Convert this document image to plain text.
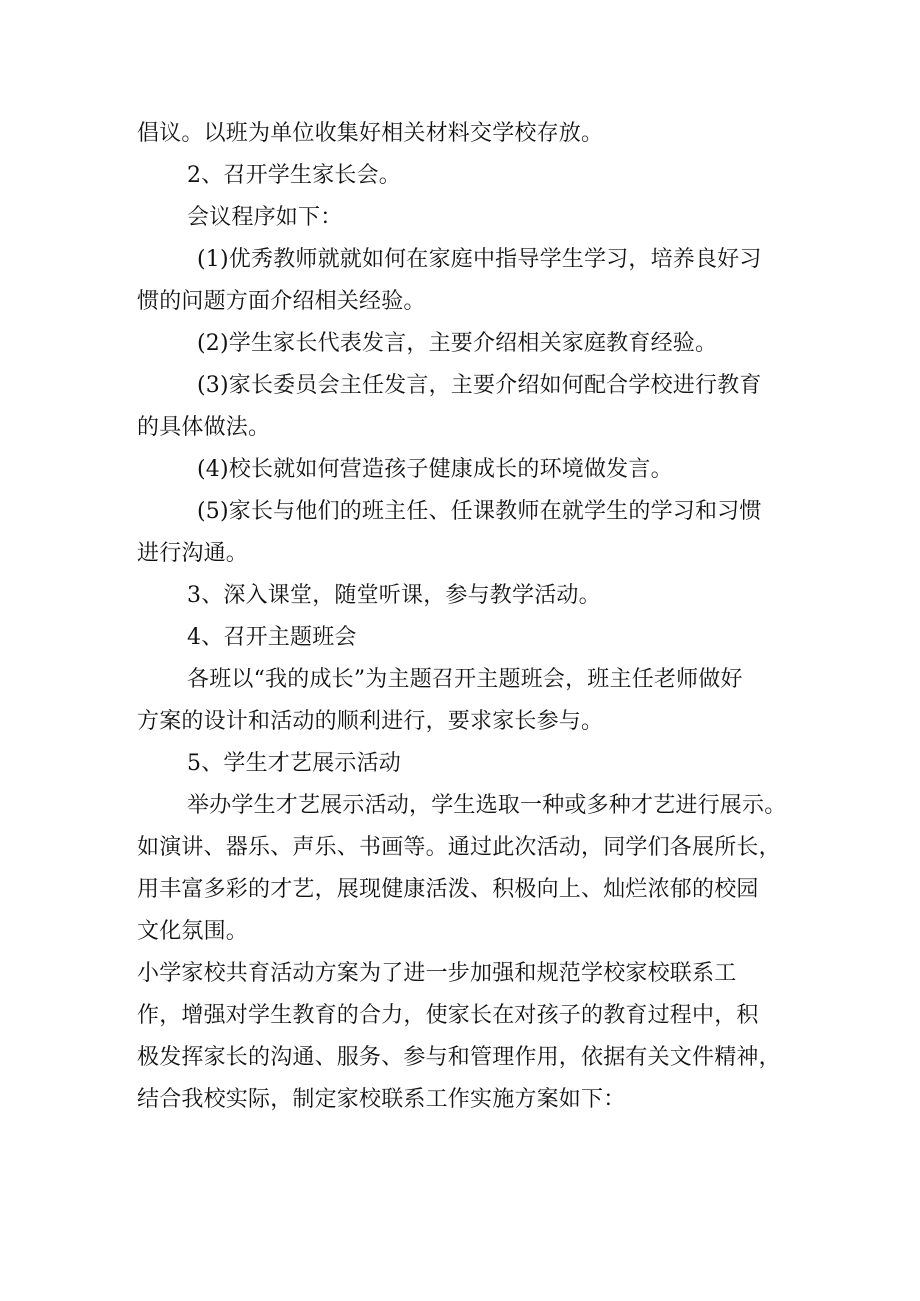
倡议。以班为单位收集好相关材料交学校存放。
2、召开学生家长会。
会议程序如下：
(1)优秀教师就就如何在家庭中指导学生学习，培养良好习
惯的问题方面介绍相关经验。
(2)学生家长代表发言，主要介绍相关家庭教育经验。
(3)家长委员会主任发言，主要介绍如何配合学校进行教育
的具体做法。
(4)校长就如何营造孩子健康成长的环境做发言。
(5)家长与他们的班主任、任课教师在就学生的学习和习惯
进行沟通。
3、深入课堂，随堂听课，参与教学活动。
4、召开主题班会
各班以“我的成长”为主题召开主题班会，班主任老师做好
方案的设计和活动的顺利进行，要求家长参与。
5、学生才艺展示活动
举办学生才艺展示活动，学生选取一种或多种才艺进行展示。
如演讲、器乐、声乐、书画等。通过此次活动，同学们各展所长，
用丰富多彩的才艺，展现健康活泼、积极向上、灿烂浓郁的校园
文化氛围。
小学家校共育活动方案为了进一步加强和规范学校家校联系工
作，增强对学生教育的合力，使家长在对孩子的教育过程中，积
极发挥家长的沟通、服务、参与和管理作用，依据有关文件精神，
结合我校实际，制定家校联系工作实施方案如下：
